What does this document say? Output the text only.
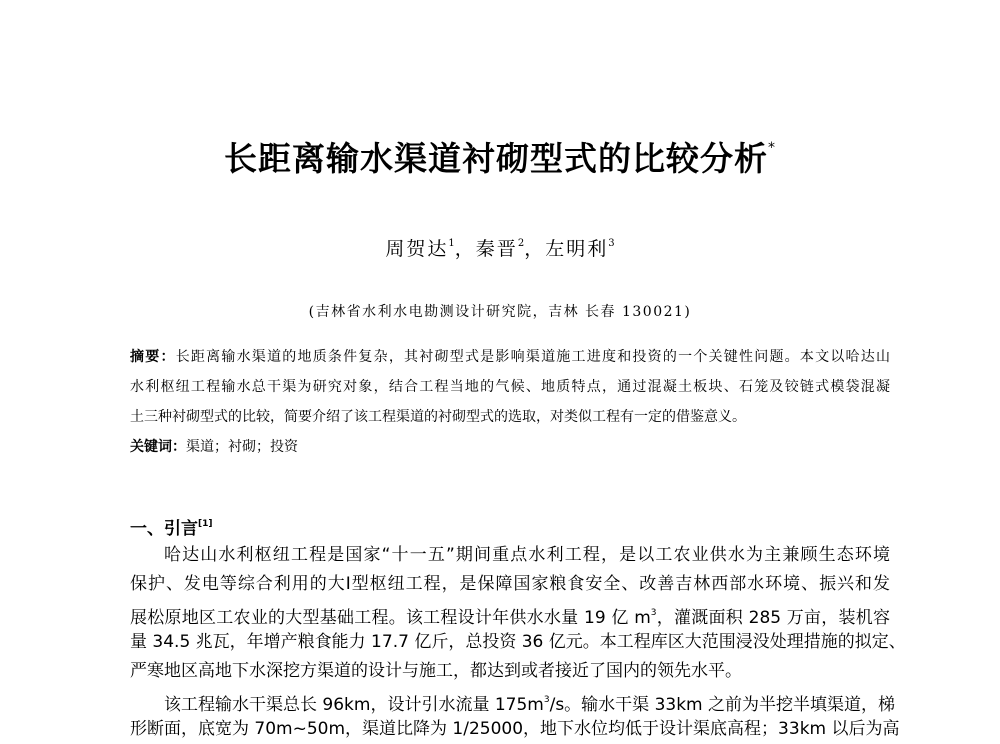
长距离输水渠道衬砌型式的比较分析*
周贺达$^1$，秦晋$^2$，左明利$^3$
(吉林省水利水电勘测设计研究院，吉林 长春 130021)
摘要：长距离输水渠道的地质条件复杂，其衬砌型式是影响渠道施工进度和投资的一个关键性问题。本文以哈达山
水利枢纽工程输水总干渠为研究对象，结合工程当地的气候、地质特点，通过混凝土板块、石笼及铰链式模袋混凝
土三种衬砌型式的比较，简要介绍了该工程渠道的衬砌型式的选取，对类似工程有一定的借鉴意义。
关键词：渠道；衬砌；投资
一、引言[1]
哈达山水利枢纽工程是国家“十一五”期间重点水利工程，是以工农业供水为主兼顾生态环境
保护、发电等综合利用的大Ⅰ型枢纽工程，是保障国家粮食安全、改善吉林西部水环境、振兴和发
展松原地区工农业的大型基础工程。该工程设计年供水水量 19 亿 $m^3$，灌溉面积 285 万亩，装机容
量 34.5 兆瓦，年增产粮食能力 17.7 亿斤，总投资 36 亿元。本工程库区大范围浸没处理措施的拟定、
严寒地区高地下水深挖方渠道的设计与施工，都达到或者接近了国内的领先水平。
该工程输水干渠总长 96km，设计引水流量 $175m^3/s$。输水干渠 33km 之前为半挖半填渠道，梯
形断面，底宽为 70m~50m，渠道比降为 1/25000，地下水位均低于设计渠底高程；33km 以后为高
